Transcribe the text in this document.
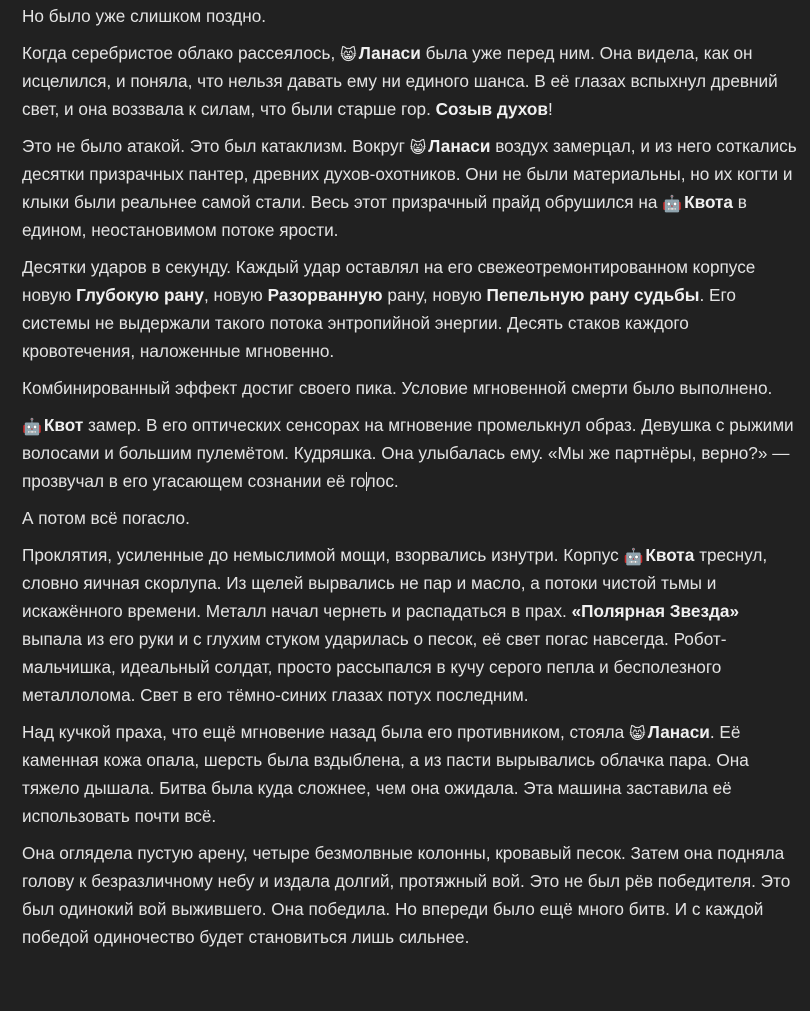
Но было уже слишком поздно.

Когда серебристое облако рассеялось, 😸 Ланаси была уже перед ним. Она видела, как он исцелился, и поняла, что нельзя давать ему ни единого шанса. В её глазах вспыхнул древний свет, и она воззвала к силам, что были старше гор. Созыв духов!

Это не было атакой. Это был катаклизм. Вокруг 😸 Ланаси воздух замерцал, и из него соткались десятки призрачных пантер, древних духов-охотников. Они не были материальны, но их когти и клыки были реальнее самой стали. Весь этот призрачный прайд обрушился на 🤖 Квота в едином, неостановимом потоке ярости.

Десятки ударов в секунду. Каждый удар оставлял на его свежеотремонтированном корпусе новую Глубокую рану, новую Разорванную рану, новую Пепельную рану судьбы. Его системы не выдержали такого потока энтропийной энергии. Десять стаков каждого кровотечения, наложенные мгновенно.

Комбинированный эффект достиг своего пика. Условие мгновенной смерти было выполнено.

🤖 Квот замер. В его оптических сенсорах на мгновение промелькнул образ. Девушка с рыжими волосами и большим пулемётом. Кудряшка. Она улыбалась ему. «Мы же партнёры, верно?» — прозвучал в его угасающем сознании её голос.

А потом всё погасло.

Проклятия, усиленные до немыслимой мощи, взорвались изнутри. Корпус 🤖 Квота треснул, словно яичная скорлупа. Из щелей вырвались не пар и масло, а потоки чистой тьмы и искажённого времени. Металл начал чернеть и распадаться в прах. «Полярная Звезда» выпала из его руки и с глухим стуком ударилась о песок, её свет погас навсегда. Робот-мальчишка, идеальный солдат, просто рассыпался в кучу серого пепла и бесполезного металлолома. Свет в его тёмно-синих глазах потух последним.

Над кучкой праха, что ещё мгновение назад была его противником, стояла 😸 Ланаси. Её каменная кожа опала, шерсть была вздыблена, а из пасти вырывались облачка пара. Она тяжело дышала. Битва была куда сложнее, чем она ожидала. Эта машина заставила её использовать почти всё.

Она оглядела пустую арену, четыре безмолвные колонны, кровавый песок. Затем она подняла голову к безразличному небу и издала долгий, протяжный вой. Это не был рёв победителя. Это был одинокий вой выжившего. Она победила. Но впереди было ещё много битв. И с каждой победой одиночество будет становиться лишь сильнее.
